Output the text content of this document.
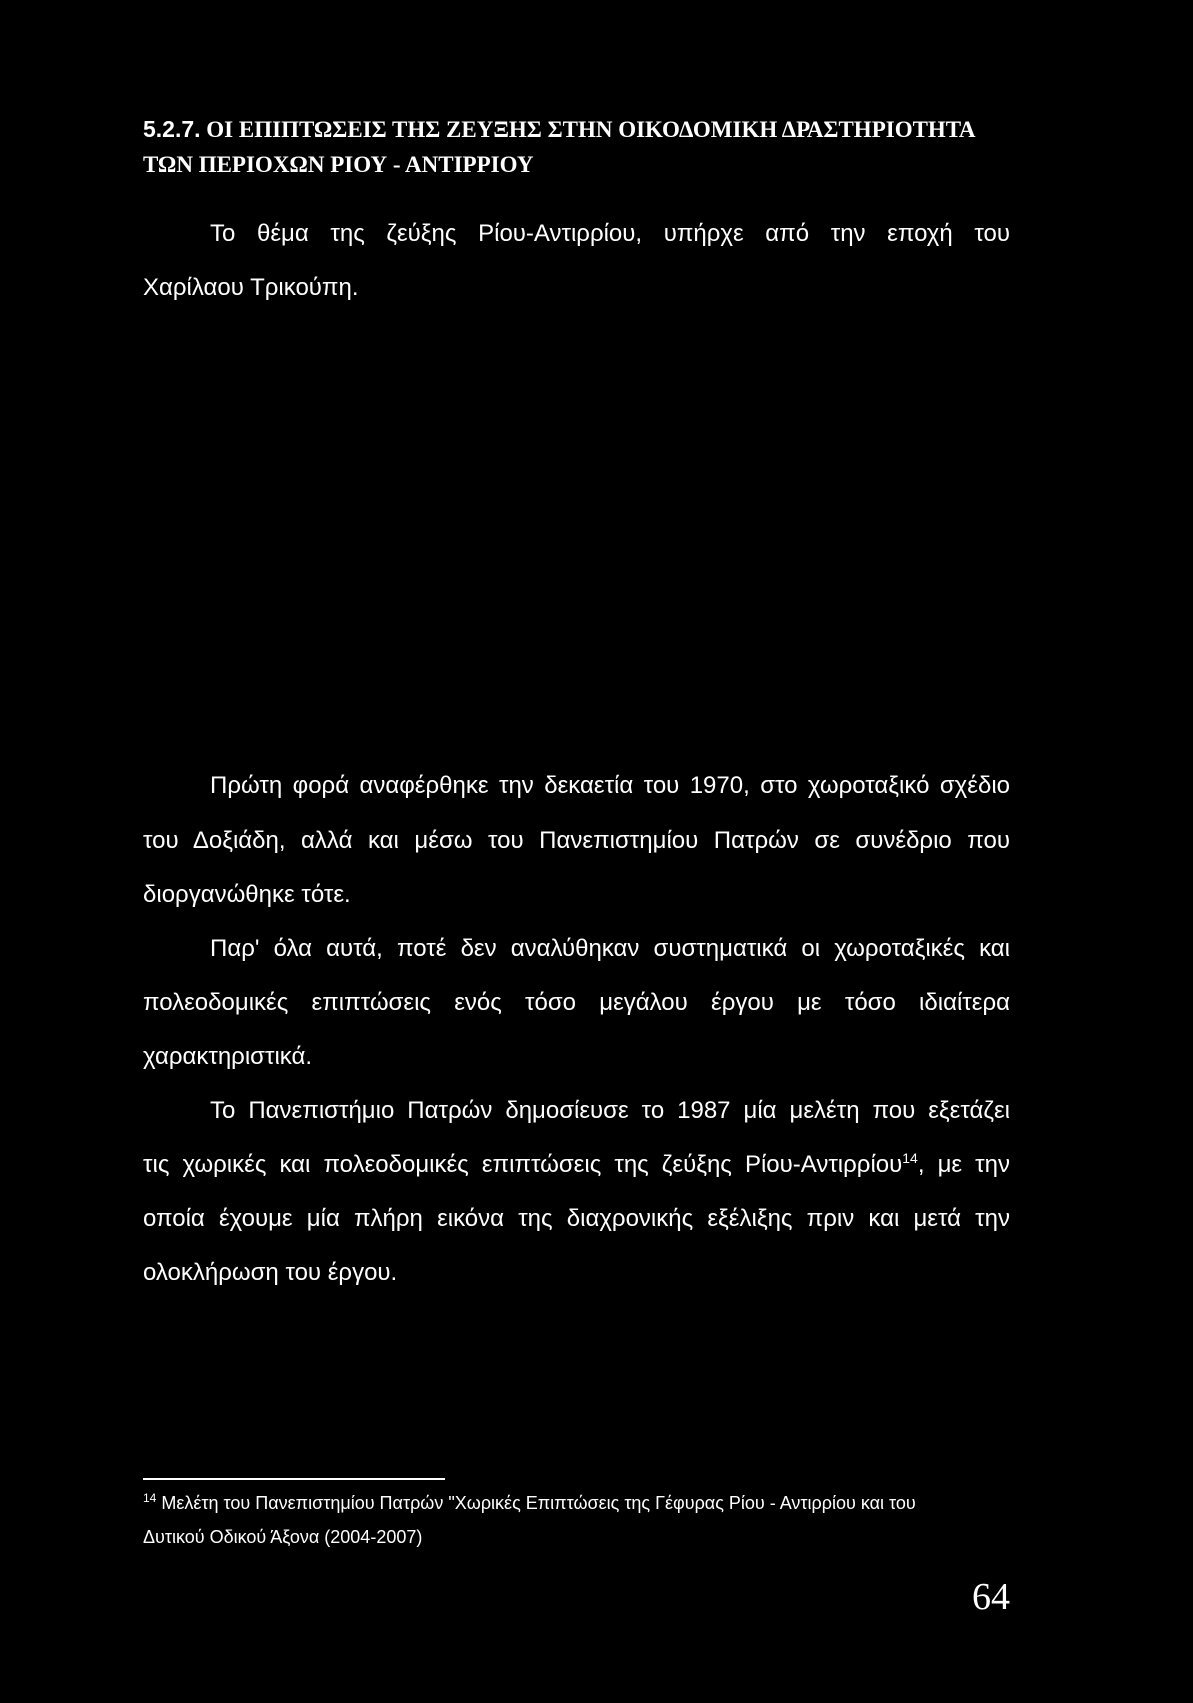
5.2.7. ΟΙ ΕΠΙΠΤΩΣΕΙΣ ΤΗΣ ΖΕΥΞΗΣ ΣΤΗΝ ΟΙΚΟΔΟΜΙΚΗ ΔΡΑΣΤΗΡΙΟΤΗΤΑ
ΤΩΝ ΠΕΡΙΟΧΩΝ ΡΙΟΥ - ΑΝΤΙΡΡΙΟΥ
Το θέμα της ζεύξης Ρίου-Αντιρρίου, υπήρχε από την εποχή του
Χαρίλαου Τρικούπη.
Πρώτη φορά αναφέρθηκε την δεκαετία του 1970, στο χωροταξικό σχέδιο
του Δοξιάδη, αλλά και μέσω του Πανεπιστημίου Πατρών σε συνέδριο που
διοργανώθηκε τότε.
Παρ' όλα αυτά, ποτέ δεν αναλύθηκαν συστηματικά οι χωροταξικές και
πολεοδομικές επιπτώσεις ενός τόσο μεγάλου έργου με τόσο ιδιαίτερα
χαρακτηριστικά.
Το Πανεπιστήμιο Πατρών δημοσίευσε το 1987 μία μελέτη που εξετάζει
τις χωρικές και πολεοδομικές επιπτώσεις της ζεύξης Ρίου-Αντιρρίου$^{14}$, με την
οποία έχουμε μία πλήρη εικόνα της διαχρονικής εξέλιξης πριν και μετά την
ολοκλήρωση του έργου.
$^{14}$ Μελέτη του Πανεπιστημίου Πατρών "Χωρικές Επιπτώσεις της Γέφυρας Ρίου - Αντιρρίου και του
Δυτικού Οδικού Άξονα (2004-2007)
64
